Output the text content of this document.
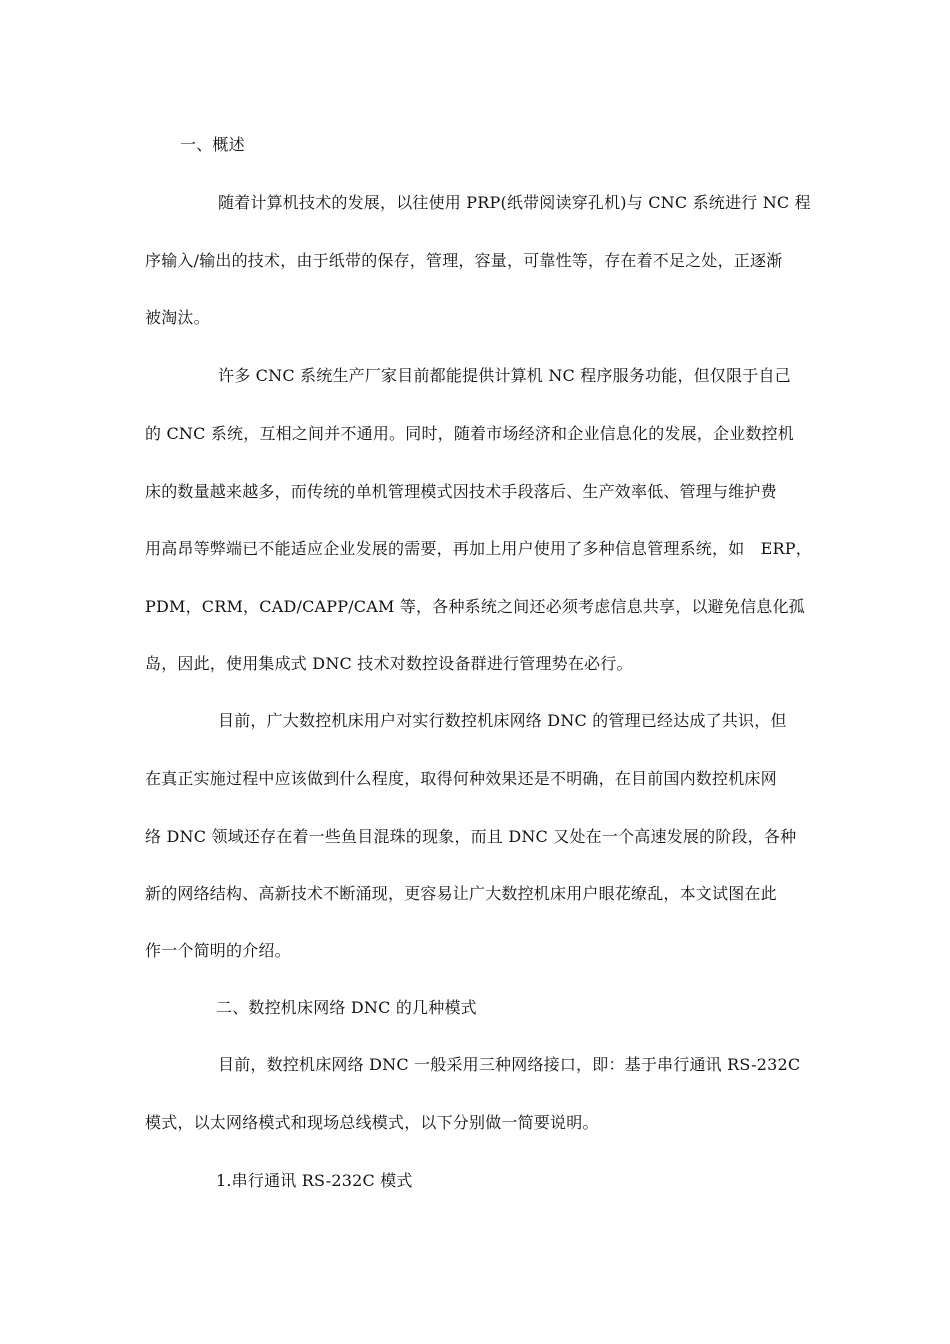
一、概述
随着计算机技术的发展，以往使用 PRP(纸带阅读穿孔机)与 CNC 系统进行 NC 程
序输入/输出的技术，由于纸带的保存，管理，容量，可靠性等，存在着不足之处，正逐渐
被淘汰。
许多 CNC 系统生产厂家目前都能提供计算机 NC 程序服务功能，但仅限于自己
的 CNC 系统，互相之间并不通用。同时，随着市场经济和企业信息化的发展，企业数控机
床的数量越来越多，而传统的单机管理模式因技术手段落后、生产效率低、管理与维护费
用高昂等弊端已不能适应企业发展的需要，再加上用户使用了多种信息管理系统，如　ERP，
PDM，CRM，CAD/CAPP/CAM 等，各种系统之间还必须考虑信息共享，以避免信息化孤
岛，因此，使用集成式 DNC 技术对数控设备群进行管理势在必行。
目前，广大数控机床用户对实行数控机床网络 DNC 的管理已经达成了共识，但
在真正实施过程中应该做到什么程度，取得何种效果还是不明确，在目前国内数控机床网
络 DNC 领域还存在着一些鱼目混珠的现象，而且 DNC 又处在一个高速发展的阶段，各种
新的网络结构、高新技术不断涌现，更容易让广大数控机床用户眼花缭乱，本文试图在此
作一个简明的介绍。
二、数控机床网络 DNC 的几种模式
目前，数控机床网络 DNC 一般采用三种网络接口，即：基于串行通讯 RS-232C
模式，以太网络模式和现场总线模式，以下分别做一简要说明。
1.串行通讯 RS-232C 模式
